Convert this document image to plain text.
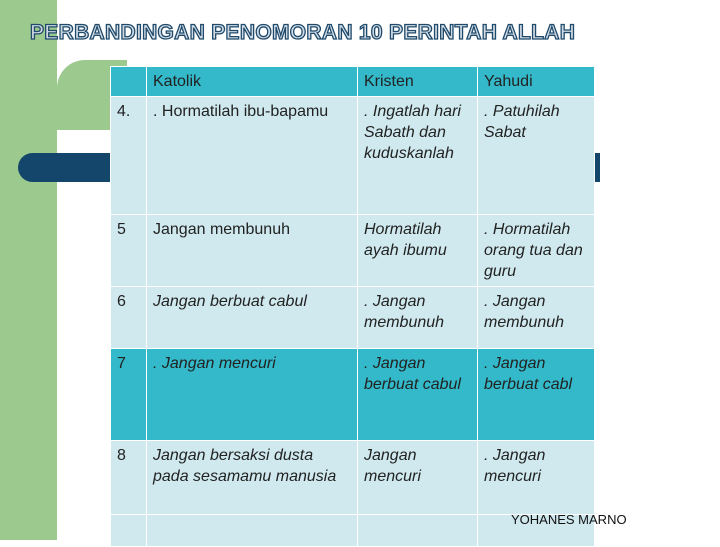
PERBANDINGAN PENOMORAN 10 PERINTAH ALLAH
	Katolik	Kristen	Yahudi
4.	. Hormatilah ibu-bapamu	. Ingatlah hari Sabath dan kuduskanlah	. Patuhilah Sabat
5	Jangan membunuh	Hormatilah ayah ibumu	. Hormatilah orang tua dan guru
6	Jangan berbuat cabul	. Jangan membunuh	. Jangan membunuh
7	. Jangan mencuri	. Jangan berbuat cabul	. Jangan berbuat cabl
8	Jangan bersaksi dusta pada sesamamu manusia	Jangan mencuri	. Jangan mencuri

YOHANES MARNO
